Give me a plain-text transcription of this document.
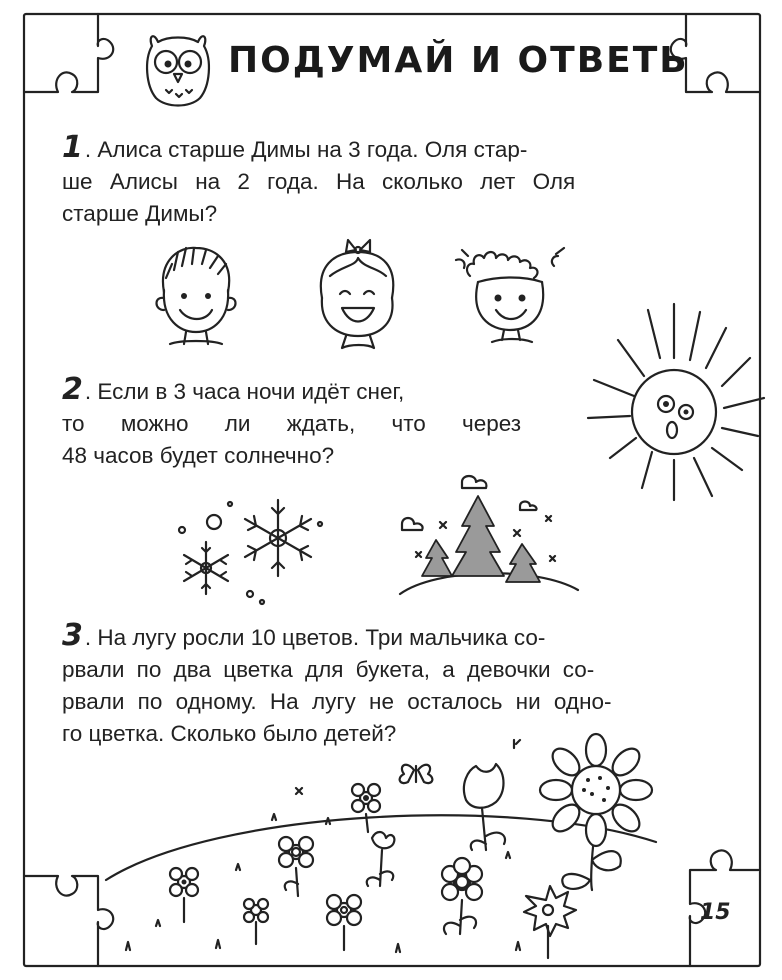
ПОДУМАЙ И ОТВЕТЬ
1. Алиса старше Димы на 3 года. Оля стар-
ше Алисы на 2 года. На сколько лет Оля
старше Димы?
2. Если в 3 часа ночи идёт снег,
то можно ли ждать, что через
48 часов будет солнечно?
3. На лугу росли 10 цветов. Три мальчика со-
рвали по два цветка для букета, а девочки со-
рвали по одному. На лугу не осталось ни одно-
го цветка. Сколько было детей?
15
